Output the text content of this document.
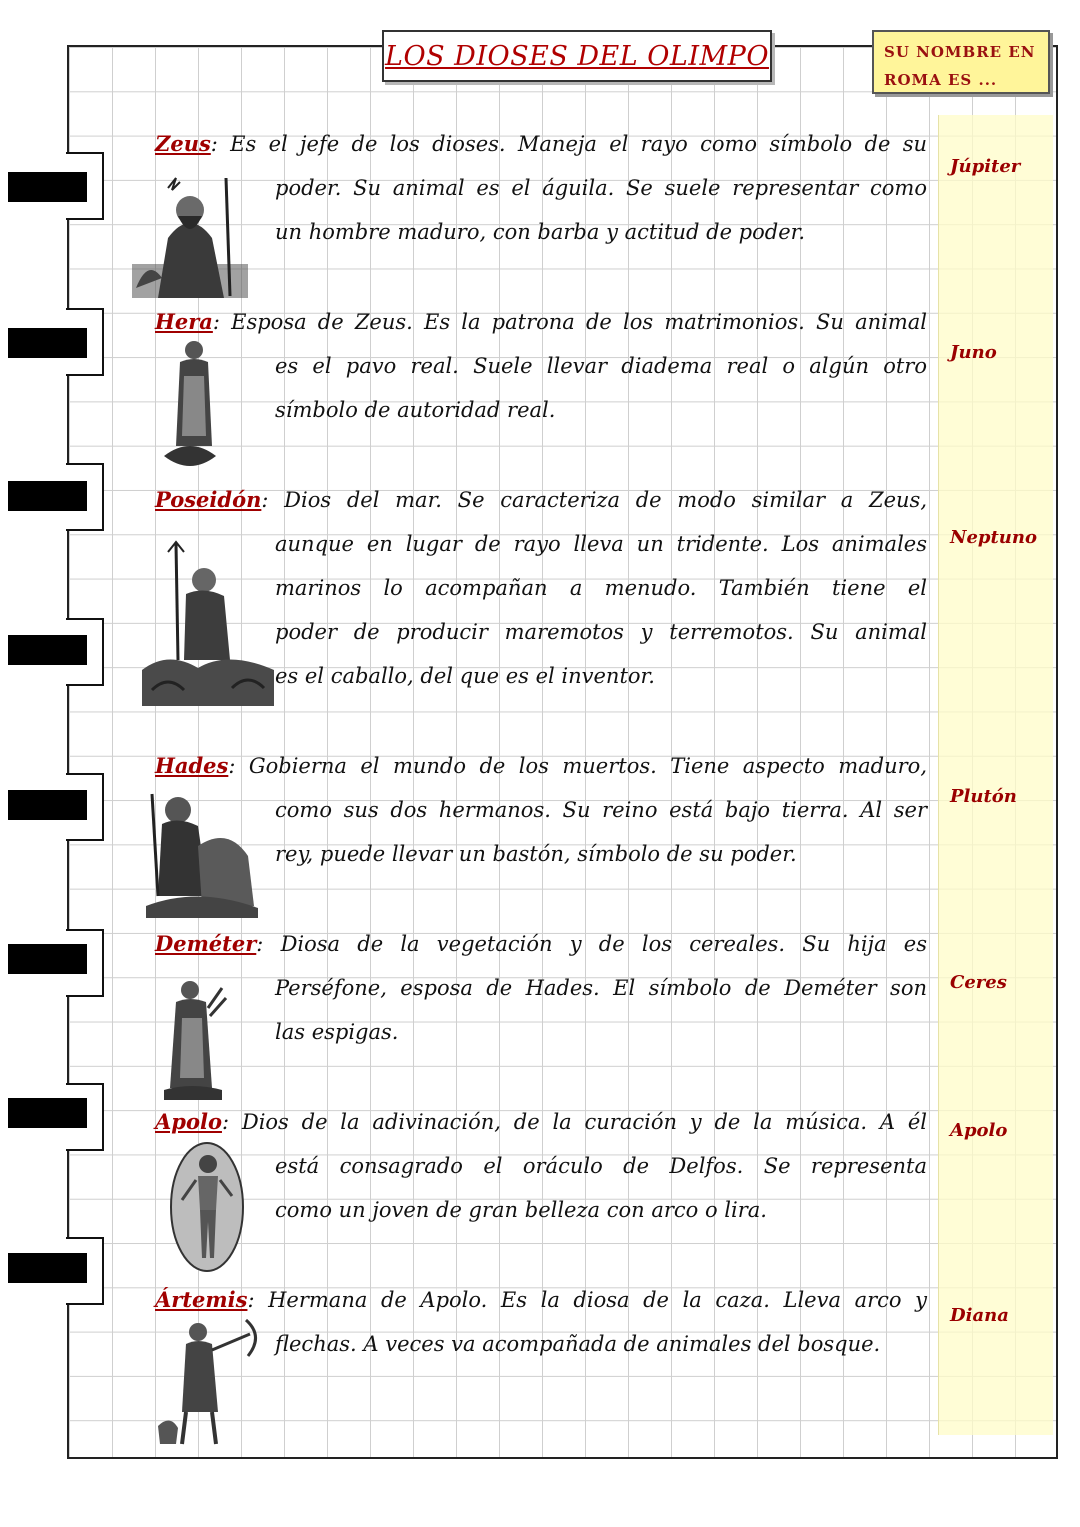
LOS DIOSES DEL OLIMPO	SU NOMBRE EN
ROMA ES ...
Zeus: Es el jefe de los dioses. Maneja el rayo como símbolo de su
poder. Su animal es el águila. Se suele representar como
un hombre maduro, con barba y actitud de poder.
Júpiter
Hera: Esposa de Zeus. Es la patrona de los matrimonios. Su animal
es el pavo real. Suele llevar diadema real o algún otro
símbolo de autoridad real.
Juno
Poseidón: Dios del mar. Se caracteriza de modo similar a Zeus,
aunque en lugar de rayo lleva un tridente. Los animales
marinos lo acompañan a menudo. También tiene el
poder de producir maremotos y terremotos. Su animal
es el caballo, del que es el inventor.
Neptuno
Hades: Gobierna el mundo de los muertos. Tiene aspecto maduro,
como sus dos hermanos. Su reino está bajo tierra. Al ser
rey, puede llevar un bastón, símbolo de su poder.
Plutón
Deméter: Diosa de la vegetación y de los cereales. Su hija es
Perséfone, esposa de Hades. El símbolo de Deméter son
las espigas.
Ceres
Apolo: Dios de la adivinación, de la curación y de la música. A él
está consagrado el oráculo de Delfos. Se representa
como un joven de gran belleza con arco o lira.
Apolo
Ártemis: Hermana de Apolo. Es la diosa de la caza. Lleva arco y
flechas. A veces va acompañada de animales del bosque.
Diana
